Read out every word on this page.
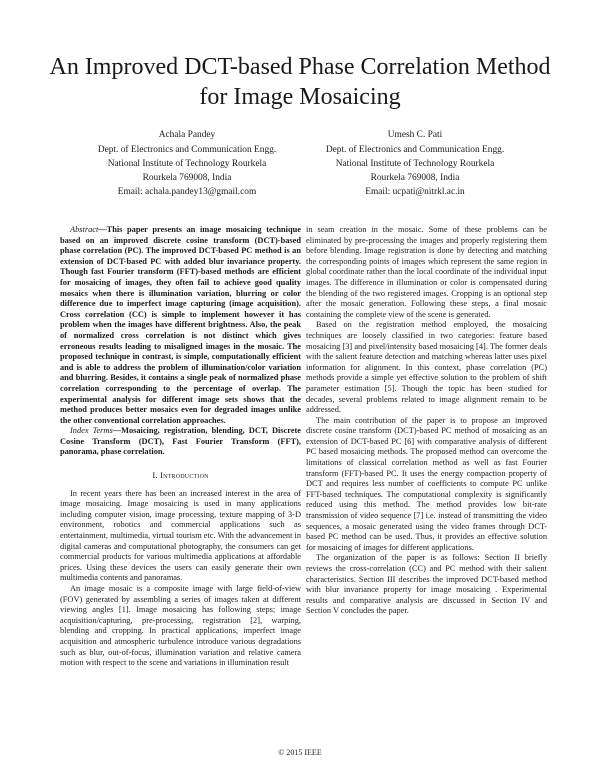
An Improved DCT-based Phase Correlation Method
for Image Mosaicing
Achala Pandey
Dept. of Electronics and Communication Engg.
National Institute of Technology Rourkela
Rourkela 769008, India
Email: achala.pandey13@gmail.com
Umesh C. Pati
Dept. of Electronics and Communication Engg.
National Institute of Technology Rourkela
Rourkela 769008, India
Email: ucpati@nitrkl.ac.in

Abstract—This paper presents an image mosaicing technique based on an improved discrete cosine transform (DCT)-based phase correlation (PC). The improved DCT-based PC method is an extension of DCT-based PC with added blur invariance property. Though fast Fourier transform (FFT)-based methods are efficient for mosaicing of images, they often fail to achieve good quality mosaics when there is illumination variation, blurring or color difference due to imperfect image capturing (image acquisition). Cross correlation (CC) is simple to implement however it has problem when the images have different brightness. Also, the peak of normalized cross correlation is not distinct which gives erroneous results leading to misaligned images in the mosaic. The proposed technique in contrast, is simple, computationally efficient and is able to address the problem of illumination/color variation and blurring. Besides, it contains a single peak of normalized phase correlation corresponding to the percentage of overlap. The experimental analysis for different image sets shows that the method produces better mosaics even for degraded images unlike the other conventional correlation approaches.

Index Terms—Mosaicing, registration, blending, DCT, Discrete Cosine Transform (DCT), Fast Fourier Transform (FFT), panorama, phase correlation.

I. Introduction

In recent years there has been an increased interest in the area of image mosaicing. Image mosaicing is used in many applications including computer vision, image processing, texture mapping of 3-D environment, robotics and commercial applications such as entertainment, multimedia, virtual tourism etc. With the advancement in digital cameras and computational photography, the consumers can get commercial products for various multimedia applications at affordable prices. Using these devices the users can easily generate their own multimedia contents and panoramas.

An image mosaic is a composite image with large field-of-view (FOV) generated by assembling a series of images taken at different viewing angles [1]. Image mosaicing has following steps; image acquisition/capturing, pre-processing, registration [2], warping, blending and cropping. In practical applications, imperfect image acquisition and atmospheric turbulence introduce various degradations such as blur, out-of-focus, illumination variation and relative camera motion with respect to the scene and variations in illumination result

in seam creation in the mosaic. Some of these problems can be eliminated by pre-processing the images and properly registering them before blending. Image registration is done by detecting and matching the corresponding points of images which represent the same region in global coordinate rather than the local coordinate of the individual input images. The difference in illumination or color is compensated during the blending of the two registered images. Cropping is an optional step after the mosaic generation. Following these steps, a final mosaic containing the complete view of the scene is generated.

Based on the registration method employed, the mosaicing techniques are loosely classified in two categories: feature based mosaicing [3] and pixel/intensity based mosaicing [4]. The former deals with the salient feature detection and matching whereas latter uses pixel information for alignment. In this context, phase correlation (PC) methods provide a simple yet effective solution to the problem of shift parameter estimation [5]. Though the topic has been studied for decades, several problems related to image alignment remain to be addressed.

The main contribution of the paper is to propose an improved discrete cosine transform (DCT)-based PC method of mosaicing as an extension of DCT-based PC [6] with comparative analysis of different PC based mosaicing methods. The proposed method can overcome the limitations of classical correlation method as well as fast Fourier transform (FFT)-based PC. It uses the energy compaction property of DCT and requires less number of coefficients to compute PC unlike FFT-based techniques. The computational complexity is significantly reduced using this method. The method provides low bit-rate transmission of video sequence [7] i.e. instead of transmitting the video sequences, a mosaic generated using the video frames through DCT-based PC method can be used. Thus, it provides an effective solution for mosaicing of images for different applications.

The organization of the paper is as follows: Section II briefly reviews the cross-correlation (CC) and PC method with their salient characteristics. Section III describes the improved DCT-based method with blur invariance property for image mosaicing . Experimental results and comparative analysis are discussed in Section IV and Section V concludes the paper.

© 2015 IEEE
